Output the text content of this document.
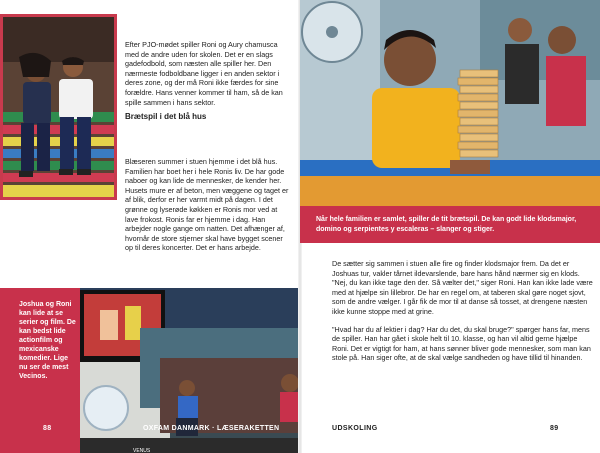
Efter PJO-mødet spiller Roni og Aury chamusca med de andre uden for skolen. Det er en slags gadefodbold, som næsten alle spiller her. Den nærmeste fodboldbane ligger i en anden sektor i deres zone, og der må Roni ikke færdes for sine forældre. Hans venner kommer til ham, så de kan spille sammen i hans sektor.

Brætspil i det blå hus

Blæseren summer i stuen hjemme i det blå hus. Familien har boet her i hele Ronis liv. De har gode naboer og kan lide de mennesker, de kender her. Husets mure er af beton, men væggene og taget er af blik, derfor er her varmt midt på dagen. I det grønne og lyserøde køkken er Ronis mor ved at lave frokost. Ronis far er hjemme i dag. Han arbejder nogle gange om natten. Det afhænger af, hvornår de store stjerner skal have bygget scener op til deres koncerter. Det er hans arbejde.

VENUS
Joshua og Roni kan lide at se serier og film. De kan bedst lide actionfilm og mexicanske komedier. Lige nu ser de mest Vecinos.
88	OXFAM DANMARK · LÆSERAKETTEN
Når hele familien er samlet, spiller de tit brætspil. De kan godt lide klodsmajor, domino og serpientes y escaleras – slanger og stiger.

De sætter sig sammen i stuen alle fire og finder klodsmajor frem. Da det er Joshuas tur, vakler tårnet ildevarslende, bare hans hånd nærmer sig en klods. "Nej, du kan ikke tage den der. Så vælter det," siger Roni. Han kan ikke lade være med at hjælpe sin lillebror. De har en regel om, at taberen skal gøre noget sjovt, som de andre vælger. I går fik de mor til at danse så tosset, at drengene næsten ikke kunne stoppe med at grine.

"Hvad har du af lektier i dag? Har du det, du skal bruge?" spørger hans far, mens de spiller. Han har gået i skole helt til 10. klasse, og han vil altid gerne hjælpe Roni. Det er vigtigt for ham, at hans sønner bliver gode mennesker, som man kan stole på. Han siger ofte, at de skal vælge sandheden og have tillid til hinanden.

UDSKOLING	89
